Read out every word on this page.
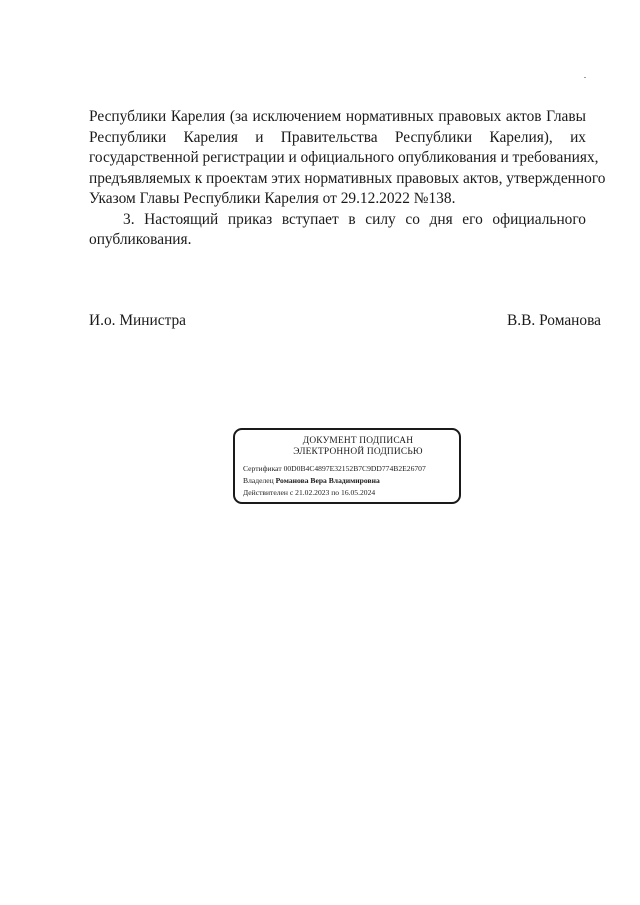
Республики Карелия (за исключением нормативных правовых актов Главы
Республики Карелия и Правительства Республики Карелия), их
государственной регистрации и официального опубликования и требованиях,
предъявляемых к проектам этих нормативных правовых актов, утвержденного
Указом Главы Республики Карелия от 29.12.2022 №138.

3. Настоящий приказ вступает в силу со дня его официального
опубликования.

И.о. Министра	В.В. Романова
ДОКУМЕНТ ПОДПИСАН
ЭЛЕКТРОННОЙ ПОДПИСЬЮ
Сертификат 00D0B4C4897E32152B7C9DD774B2E26707
Владелец Романова Вера Владимировна
Действителен с 21.02.2023 по 16.05.2024
